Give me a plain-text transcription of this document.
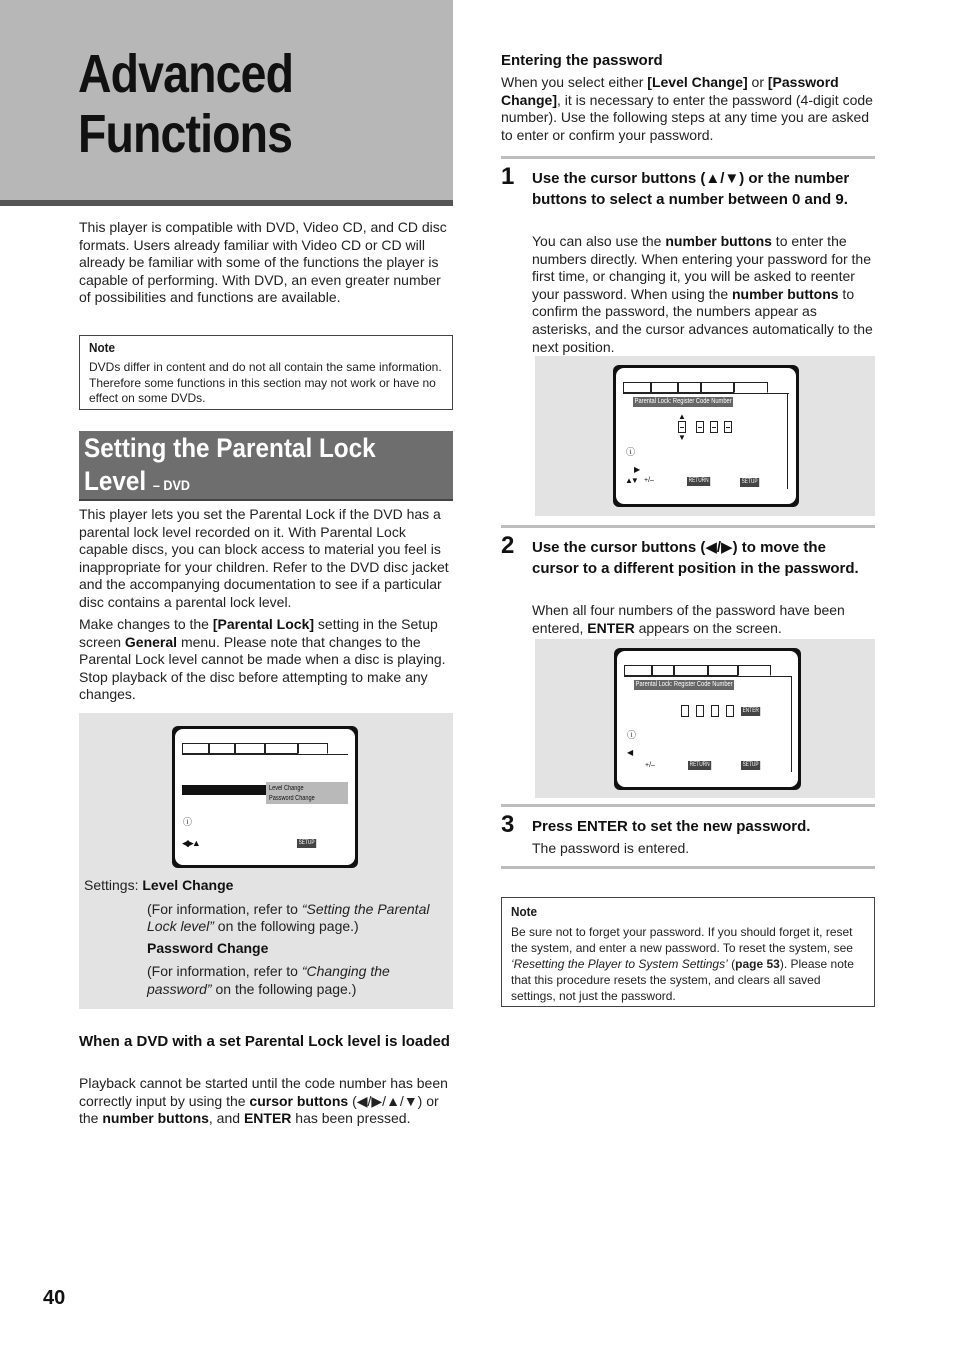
Advanced
Functions

This player is compatible with DVD, Video CD, and CD disc formats. Users already familiar with Video CD or CD will already be familiar with some of the functions the player is capable of performing. With DVD, an even greater number of possibilities and functions are available.

Note
DVDs differ in content and do not all contain the same information. Therefore some functions in this section may not work or have no effect on some DVDs.
Setting the Parental Lock
Level – DVD

This player lets you set the Parental Lock if the DVD has a parental lock level recorded on it. With Parental Lock capable discs, you can block access to material you feel is inappropriate for your children. Refer to the DVD disc jacket and the accompanying documentation to see if a particular disc contains a parental lock level.

Make changes to the [Parental Lock] setting in the Setup screen General menu. Please note that changes to the Parental Lock level cannot be made when a disc is playing. Stop playback of the disc before attempting to make any changes.

Level Change
Password Change
ⓘ
◀▶▲	SETUP
Settings: Level Change
(For information, refer to “Setting the Parental Lock level” on the following page.)
Password Change
(For information, refer to “Changing the password” on the following page.)
When a DVD with a set Parental Lock level is loaded

Playback cannot be started until the code number has been correctly input by using the cursor buttons (◀/▶/▲/▼) or the number buttons, and ENTER has been pressed.

Entering the password

When you select either [Level Change] or [Password Change], it is necessary to enter the password (4-digit code number). Use the following steps at any time you are asked to enter or confirm your password.

1 Use the cursor buttons (▲/▼) or the number buttons to select a number between 0 and 9.

You can also use the number buttons to enter the numbers directly. When entering your password for the first time, or changing it, you will be asked to reenter your password. When using the number buttons to confirm the password, the numbers appear as asterisks, and the cursor advances automatically to the next position.

Parental Lock: Register Code Number
▲
▼
ⓘ
▶
▲▼ +/–	RETURN	SETUP
2 Use the cursor buttons (◀/▶) to move the cursor to a different position in the password.

When all four numbers of the password have been entered, ENTER appears on the screen.

Parental Lock: Register Code Number
ENTER
ⓘ
◀
+/–	RETURN	SETUP
3 Press ENTER to set the new password.

The password is entered.

Note
Be sure not to forget your password. If you should forget it, reset the system, and enter a new password. To reset the system, see ‘Resetting the Player to System Settings’ (page 53). Please note that this procedure resets the system, and clears all saved settings, not just the password.
40
